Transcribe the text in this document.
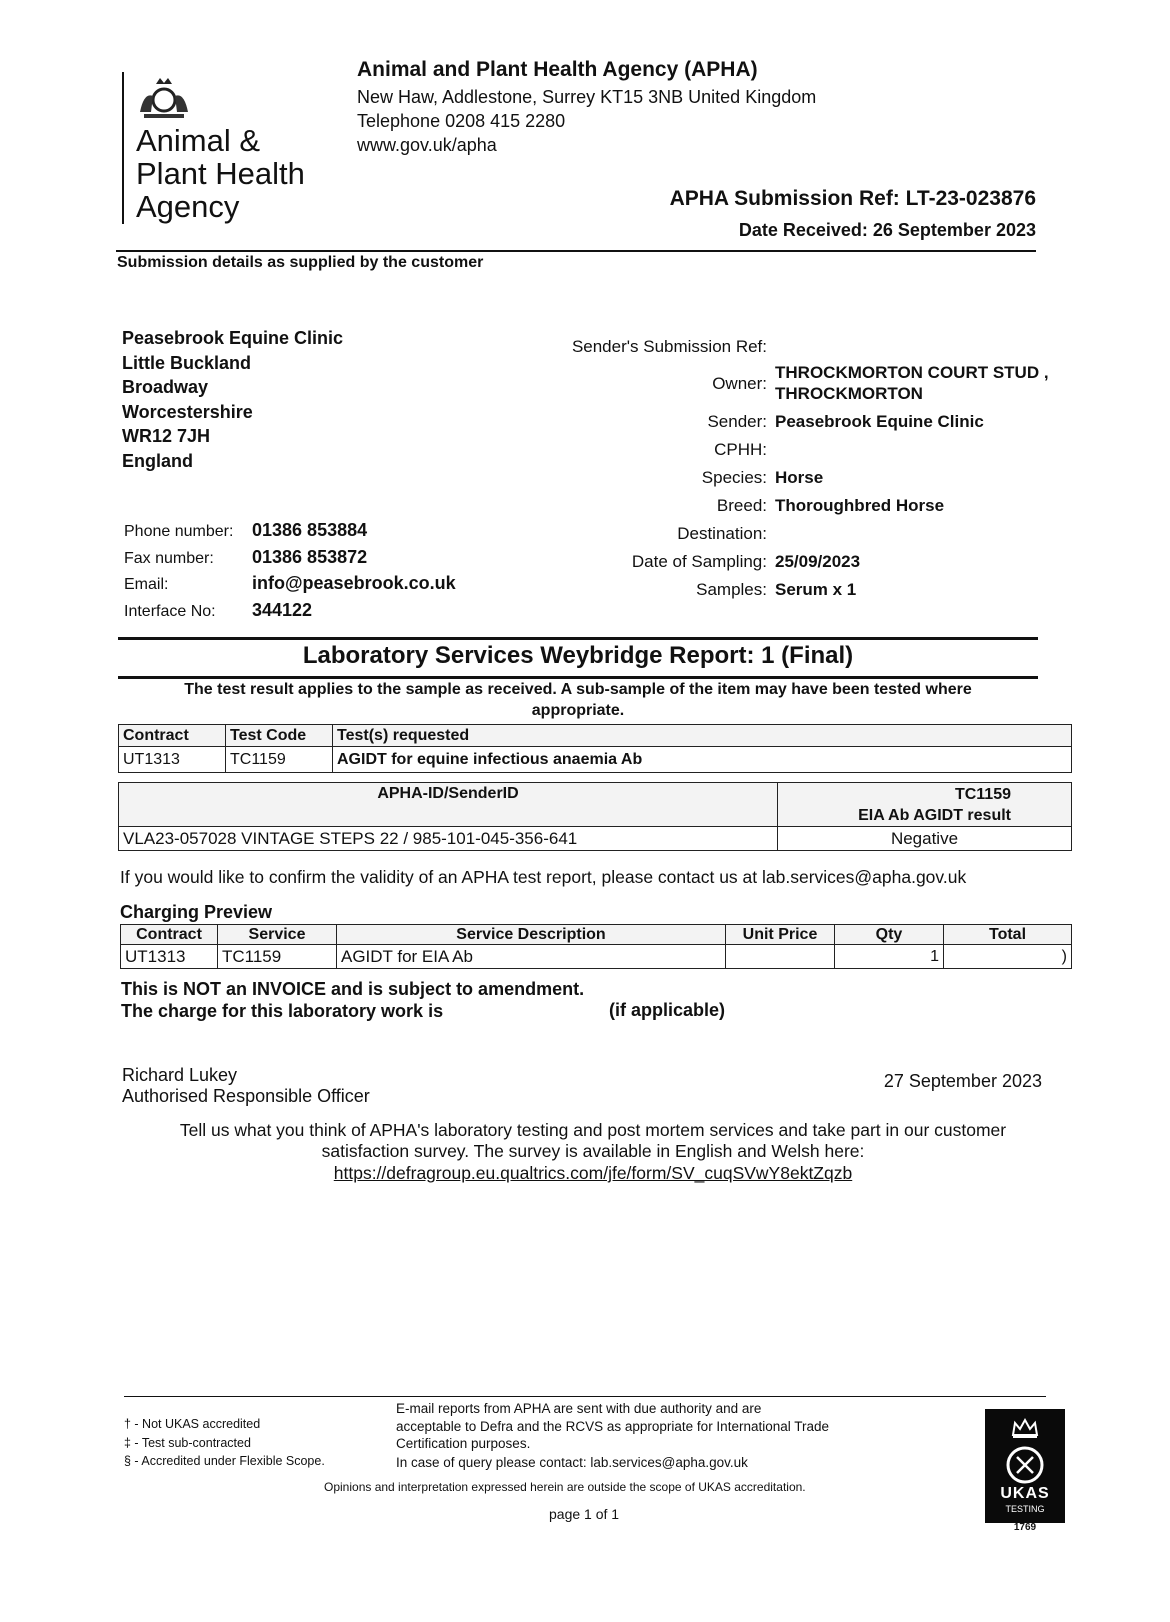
Animal &
Plant Health
Agency
Animal and Plant Health Agency (APHA)
New Haw, Addlestone, Surrey KT15 3NB United Kingdom
Telephone 0208 415 2280
www.gov.uk/apha
APHA Submission Ref: LT-23-023876
Date Received: 26 September 2023
Submission details as supplied by the customer
Peasebrook Equine Clinic
Little Buckland
Broadway
Worcestershire
WR12 7JH
England
Phone number: 01386 853884
Fax number: 01386 853872
Email:	info@peasebrook.co.uk
Interface No: 344122
Sender's Submission Ref:
Owner:
THROCKMORTON COURT STUD , THROCKMORTON
Sender: Peasebrook Equine Clinic
CPHH:
Species: Horse
Breed: Thoroughbred Horse
Destination:
Date of Sampling: 25/09/2023
Samples: Serum x 1
Laboratory Services Weybridge Report: 1 (Final)
The test result applies to the sample as received. A sub-sample of the item may have been tested where appropriate.
Contract	Test Code	Test(s) requested
UT1313	TC1159	AGIDT for equine infectious anaemia Ab
APHA-ID/SenderID	TC1159
EIA Ab AGIDT result

VLA23-057028 VINTAGE STEPS 22 / 985-101-045-356-641	Negative
If you would like to confirm the validity of an APHA test report, please contact us at lab.services@apha.gov.uk
Charging Preview
Contract	Service	Service Description	Unit Price	Qty	Total
UT1313	TC1159	AGIDT for EIA Ab		1	)
This is NOT an INVOICE and is subject to amendment.
The charge for this laboratory work is	(if applicable)
Richard Lukey
Authorised Responsible Officer
27 September 2023
Tell us what you think of APHA's laboratory testing and post mortem services and take part in our customer
satisfaction survey. The survey is available in English and Welsh here:
https://defragroup.eu.qualtrics.com/jfe/form/SV_cuqSVwY8ektZqzb
† - Not UKAS accredited
‡ - Test sub-contracted
§ - Accredited under Flexible Scope.
E-mail reports from APHA are sent with due authority and are
acceptable to Defra and the RCVS as appropriate for International Trade
Certification purposes.
In case of query please contact: lab.services@apha.gov.uk
Opinions and interpretation expressed herein are outside the scope of UKAS accreditation.
page 1 of 1
UKAS
TESTING
1769
